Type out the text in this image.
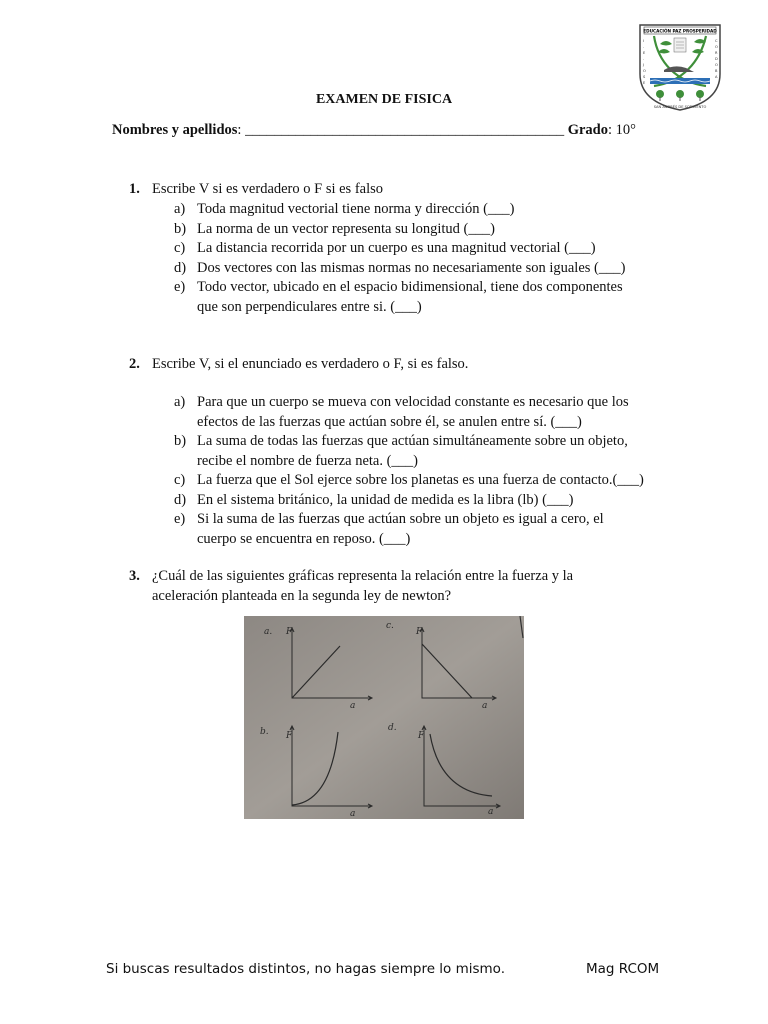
EDUCACIÓN PAZ PROSPERIDAD
I
.
E
.
J
O
S
E
C
O
R
D
O
B
A
SAN ANDRÉS DE SOTAVENTO
EXAMEN DE FISICA
Nombres y apellidos: ____________________________________________ Grado: 10°
1. Escribe V si es verdadero o F si es falso
a) Toda magnitud vectorial tiene norma y dirección (___)
b) La norma de un vector representa su longitud (___)
c) La distancia recorrida por un cuerpo es una magnitud vectorial (___)
d) Dos vectores con las mismas normas no necesariamente son iguales (___)
e) Todo vector, ubicado en el espacio bidimensional, tiene dos componentes
que son perpendiculares entre si. (___)
2. Escribe V, si el enunciado es verdadero o F, si es falso.
a) Para que un cuerpo se mueva con velocidad constante es necesario que los
efectos de las fuerzas que actúan sobre él, se anulen entre sí. (___)
b) La suma de todas las fuerzas que actúan simultáneamente sobre un objeto,
recibe el nombre de fuerza neta. (___)
c) La fuerza que el Sol ejerce sobre los planetas es una fuerza de contacto.(___)
d) En el sistema británico, la unidad de medida es la libra (lb) (___)
e) Si la suma de las fuerzas que actúan sobre un objeto es igual a cero, el
cuerpo se encuentra en reposo. (___)
3. ¿Cuál de las siguientes gráficas representa la relación entre la fuerza y la
aceleración planteada en la segunda ley de newton?
a. F
a
c.
F
a
b. F
a
d.
F
a
Si buscas resultados distintos, no hagas siempre lo mismo.	Mag RCOM
